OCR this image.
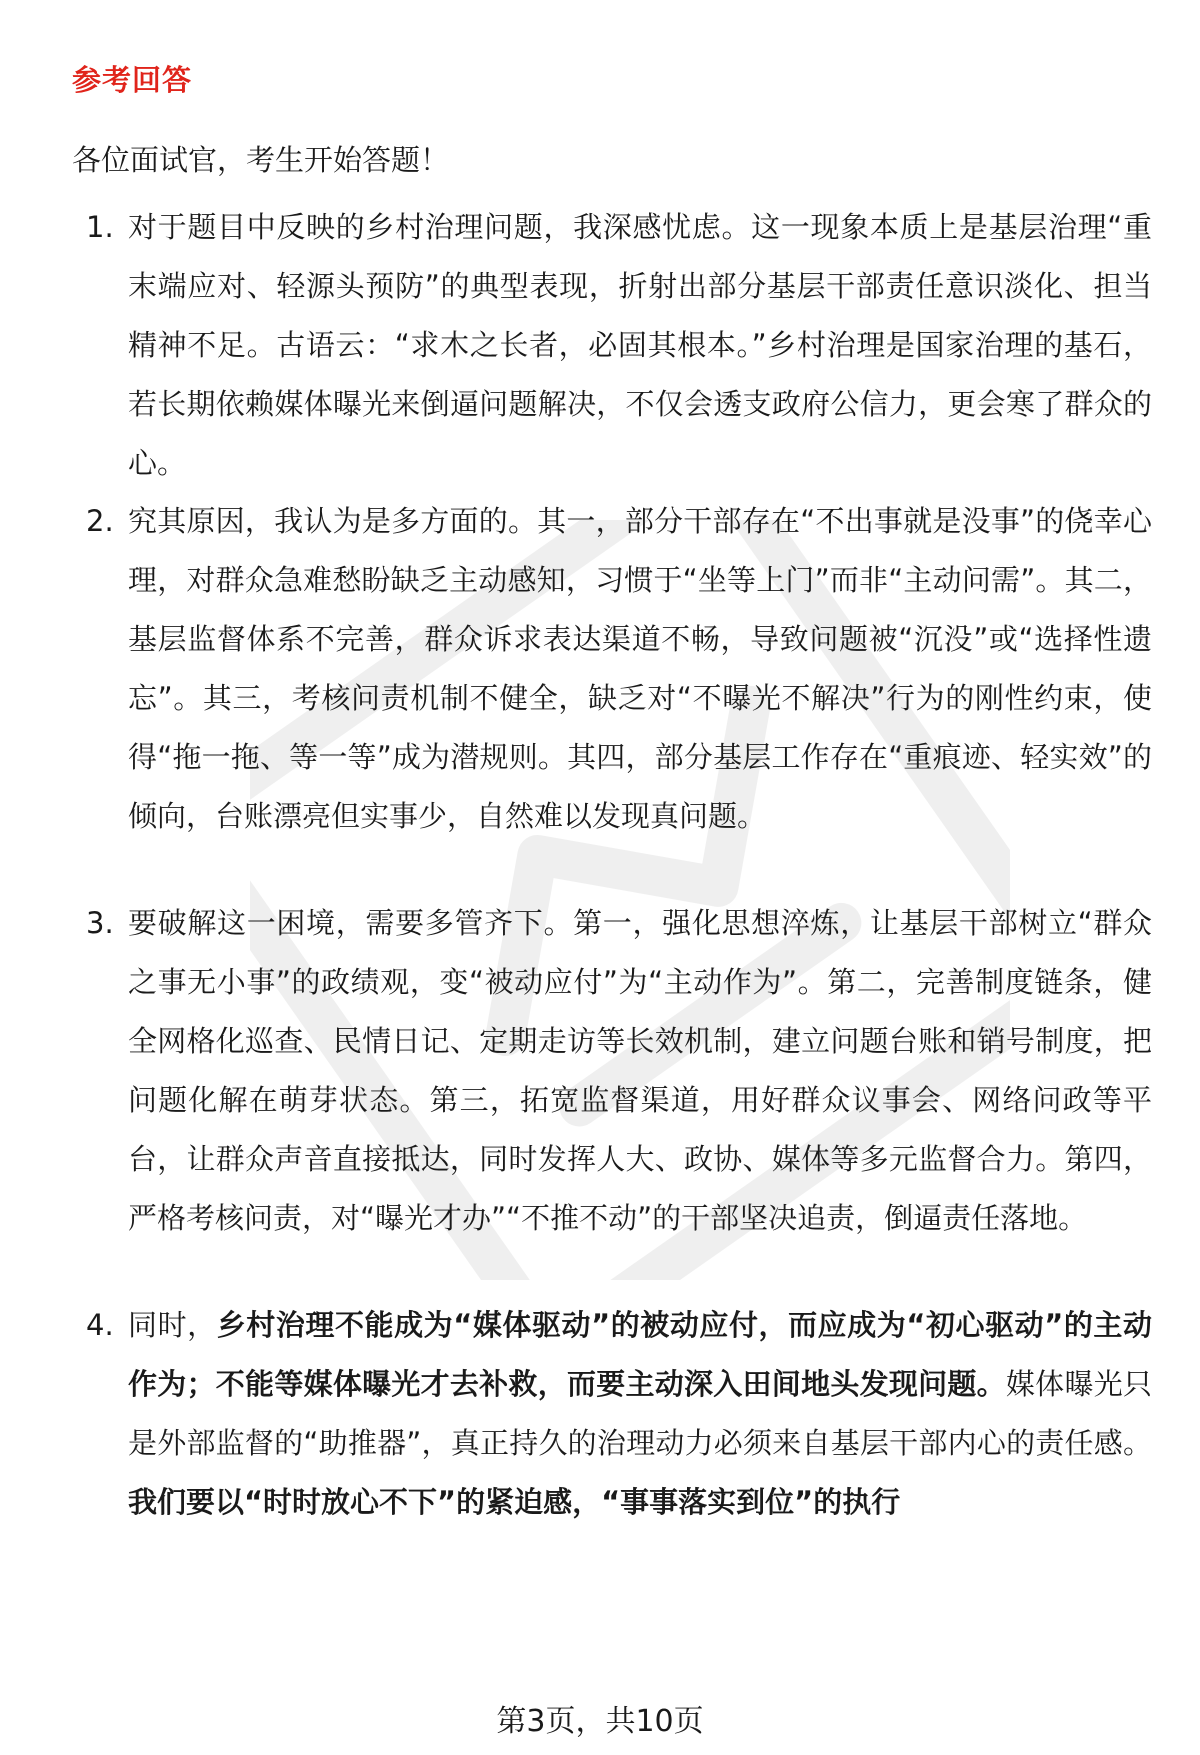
参考回答
各位面试官，考生开始答题！
1. 对于题目中反映的乡村治理问题，我深感忧虑。这一现象本质上是基层治理“重末端应对、轻源头预防”的典型表现，折射出部分基层干部责任意识淡化、担当精神不足。古语云：“求木之长者，必固其根本。”乡村治理是国家治理的基石，若长期依赖媒体曝光来倒逼问题解决，不仅会透支政府公信力，更会寒了群众的心。
2. 究其原因，我认为是多方面的。其一，部分干部存在“不出事就是没事”的侥幸心理，对群众急难愁盼缺乏主动感知，习惯于“坐等上门”而非“主动问需”。其二，基层监督体系不完善，群众诉求表达渠道不畅，导致问题被“沉没”或“选择性遗忘”。其三，考核问责机制不健全，缺乏对“不曝光不解决”行为的刚性约束，使得“拖一拖、等一等”成为潜规则。其四，部分基层工作存在“重痕迹、轻实效”的倾向，台账漂亮但实事少，自然难以发现真问题。
3. 要破解这一困境，需要多管齐下。第一，强化思想淬炼，让基层干部树立“群众之事无小事”的政绩观，变“被动应付”为“主动作为”。第二，完善制度链条，健全网格化巡查、民情日记、定期走访等长效机制，建立问题台账和销号制度，把问题化解在萌芽状态。第三，拓宽监督渠道，用好群众议事会、网络问政等平台，让群众声音直接抵达，同时发挥人大、政协、媒体等多元监督合力。第四，严格考核问责，对“曝光才办”“不推不动”的干部坚决追责，倒逼责任落地。
4. 同时，乡村治理不能成为“媒体驱动”的被动应付，而应成为“初心驱动”的主动作为；不能等媒体曝光才去补救，而要主动深入田间地头发现问题。媒体曝光只是外部监督的“助推器”，真正持久的治理动力必须来自基层干部内心的责任感。我们要以“时时放心不下”的紧迫感，“事事落实到位”的执行
第3页，共10页
